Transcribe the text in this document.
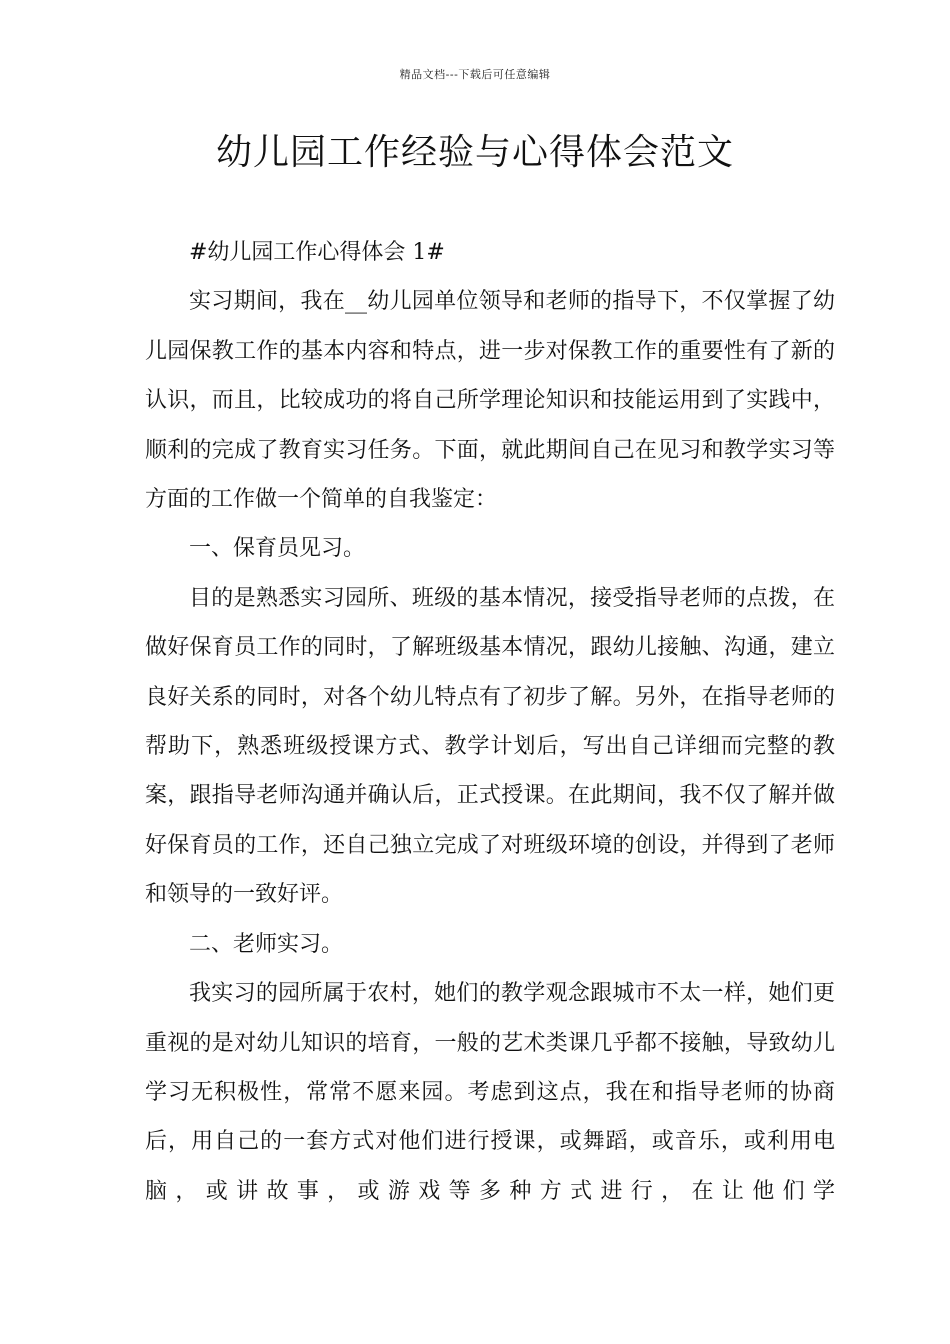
精品文档---下载后可任意编辑
幼儿园工作经验与心得体会范文

#幼儿园工作心得体会 1#

实习期间，我在__幼儿园单位领导和老师的指导下，不仅掌握了幼儿园保教工作的基本内容和特点，进一步对保教工作的重要性有了新的认识，而且，比较成功的将自己所学理论知识和技能运用到了实践中，顺利的完成了教育实习任务。下面，就此期间自己在见习和教学实习等方面的工作做一个简单的自我鉴定：

一、保育员见习。

目的是熟悉实习园所、班级的基本情况，接受指导老师的点拨，在做好保育员工作的同时，了解班级基本情况，跟幼儿接触、沟通，建立良好关系的同时，对各个幼儿特点有了初步了解。另外，在指导老师的帮助下，熟悉班级授课方式、教学计划后，写出自己详细而完整的教案，跟指导老师沟通并确认后，正式授课。在此期间，我不仅了解并做好保育员的工作，还自己独立完成了对班级环境的创设，并得到了老师和领导的一致好评。

二、老师实习。

我实习的园所属于农村，她们的教学观念跟城市不太一样，她们更重视的是对幼儿知识的培育，一般的艺术类课几乎都不接触，导致幼儿学习无积极性，常常不愿来园。考虑到这点，我在和指导老师的协商后，用自己的一套方式对他们进行授课，或舞蹈，或音乐，或利用电脑，或讲故事，或游戏等多种方式进行，在让他们学
